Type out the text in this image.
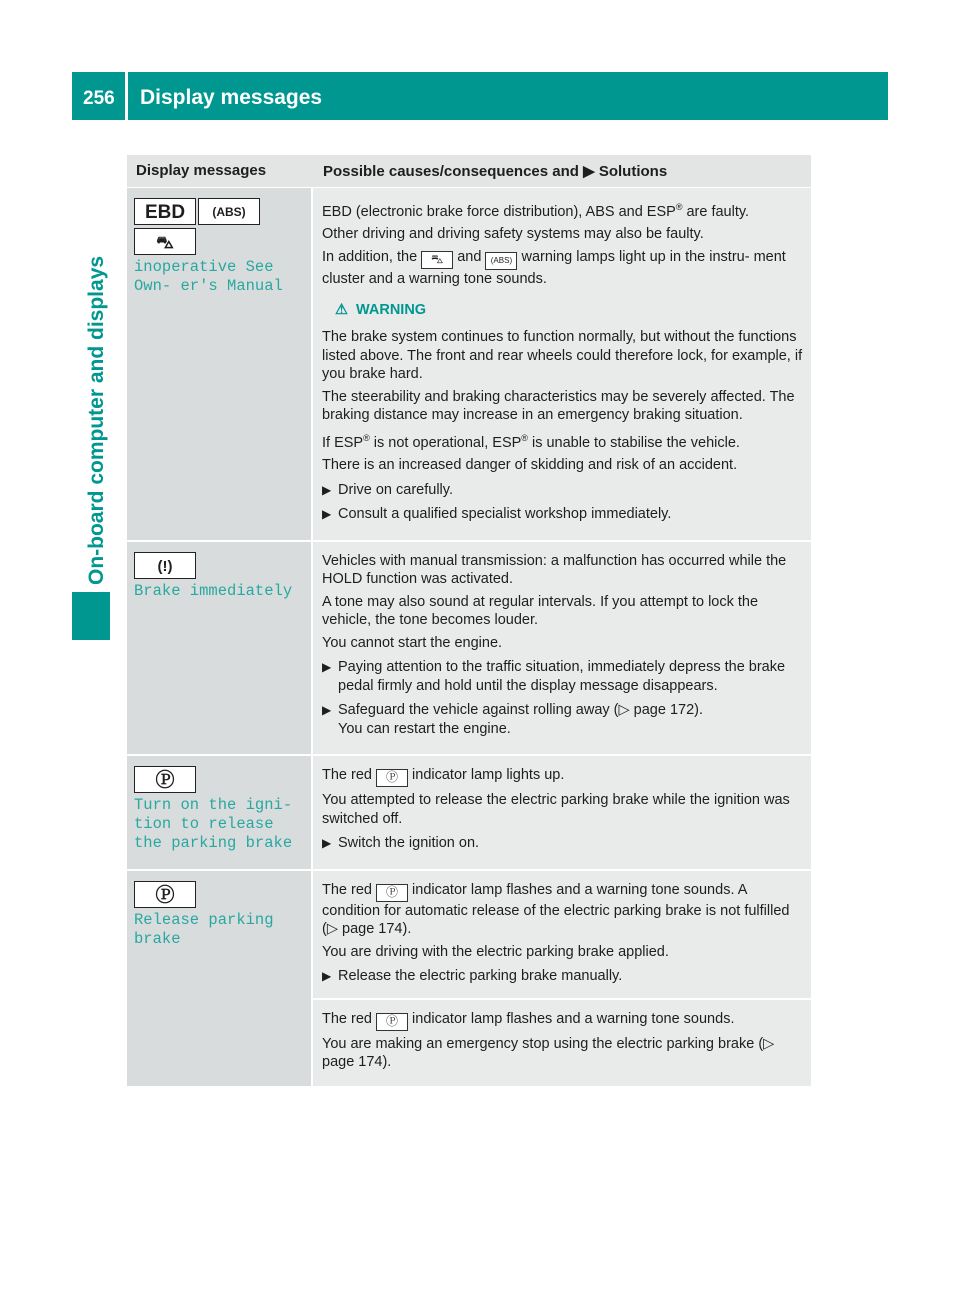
256 Display messages
On-board computer and displays
Display messages	Possible causes/consequences and ▶ Solutions
EBD (ABS)
⛍
inoperative See Own‐ er's Manual
EBD (electronic brake force distribution), ABS and ESP® are faulty.
Other driving and driving safety systems may also be faulty.
In addition, the ⛍ and (ABS) warning lamps light up in the instru‐ ment cluster and a warning tone sounds.
⚠ WARNING
The brake system continues to function normally, but without the functions listed above. The front and rear wheels could therefore lock, for example, if you brake hard.
The steerability and braking characteristics may be severely affected. The braking distance may increase in an emergency braking situation.
If ESP® is not operational, ESP® is unable to stabilise the vehicle.
There is an increased danger of skidding and risk of an accident.
▶ Drive on carefully.
▶ Consult a qualified specialist workshop immediately.
(!)
Brake immediately
Vehicles with manual transmission: a malfunction has occurred while the HOLD function was activated.
A tone may also sound at regular intervals. If you attempt to lock the vehicle, the tone becomes louder.
You cannot start the engine.
▶ Paying attention to the traffic situation, immediately depress the brake pedal firmly and hold until the display message disappears.
▶ Safeguard the vehicle against rolling away (▷ page 172).
You can restart the engine.
Ⓟ
Turn on the igni‐ tion to release the parking brake
The red Ⓟ indicator lamp lights up.
You attempted to release the electric parking brake while the ignition was switched off.
▶ Switch the ignition on.
Ⓟ
Release parking brake
The red Ⓟ indicator lamp flashes and a warning tone sounds. A condition for automatic release of the electric parking brake is not fulfilled (▷ page 174).
You are driving with the electric parking brake applied.
▶ Release the electric parking brake manually.
The red Ⓟ indicator lamp flashes and a warning tone sounds.
You are making an emergency stop using the electric parking brake (▷ page 174).
